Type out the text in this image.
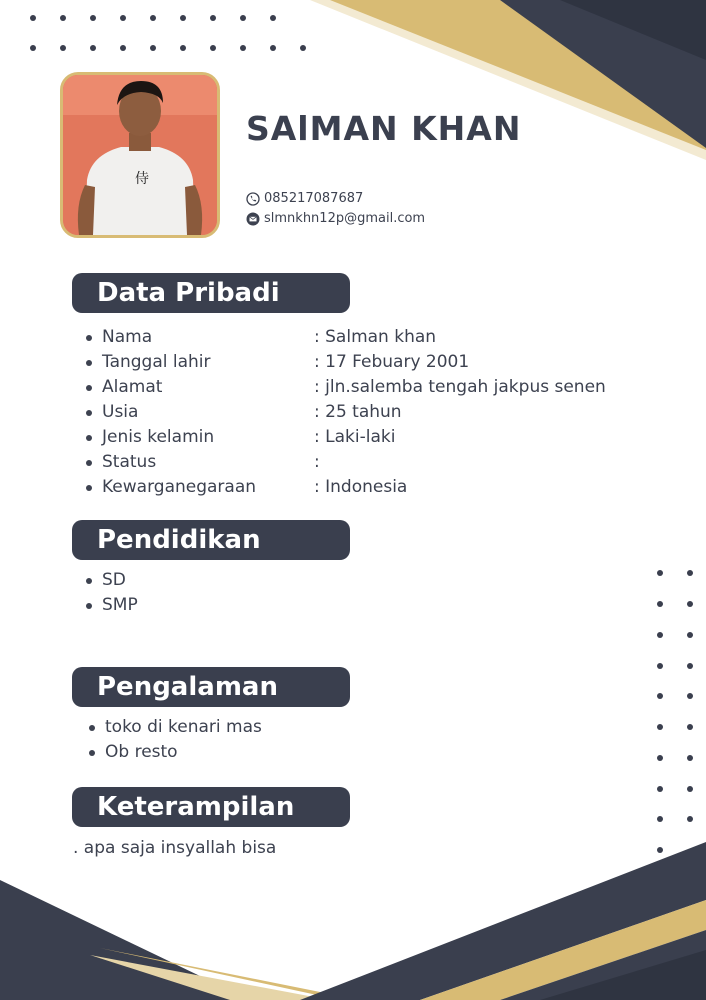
侍
SAlMAN KHAN
085217087687
slmnkhn12p@gmail.com
Data Pribadi
Nama	: Salman khan
Tanggal lahir	: 17 Febuary 2001
Alamat	: jln.salemba tengah jakpus senen
Usia	: 25 tahun
Jenis kelamin	: Laki-laki
Status	:
Kewarganegaraan	: Indonesia
Pendidikan
SD
SMP
Pengalaman
toko di kenari mas
Ob resto
Keterampilan
. apa saja insyallah bisa
